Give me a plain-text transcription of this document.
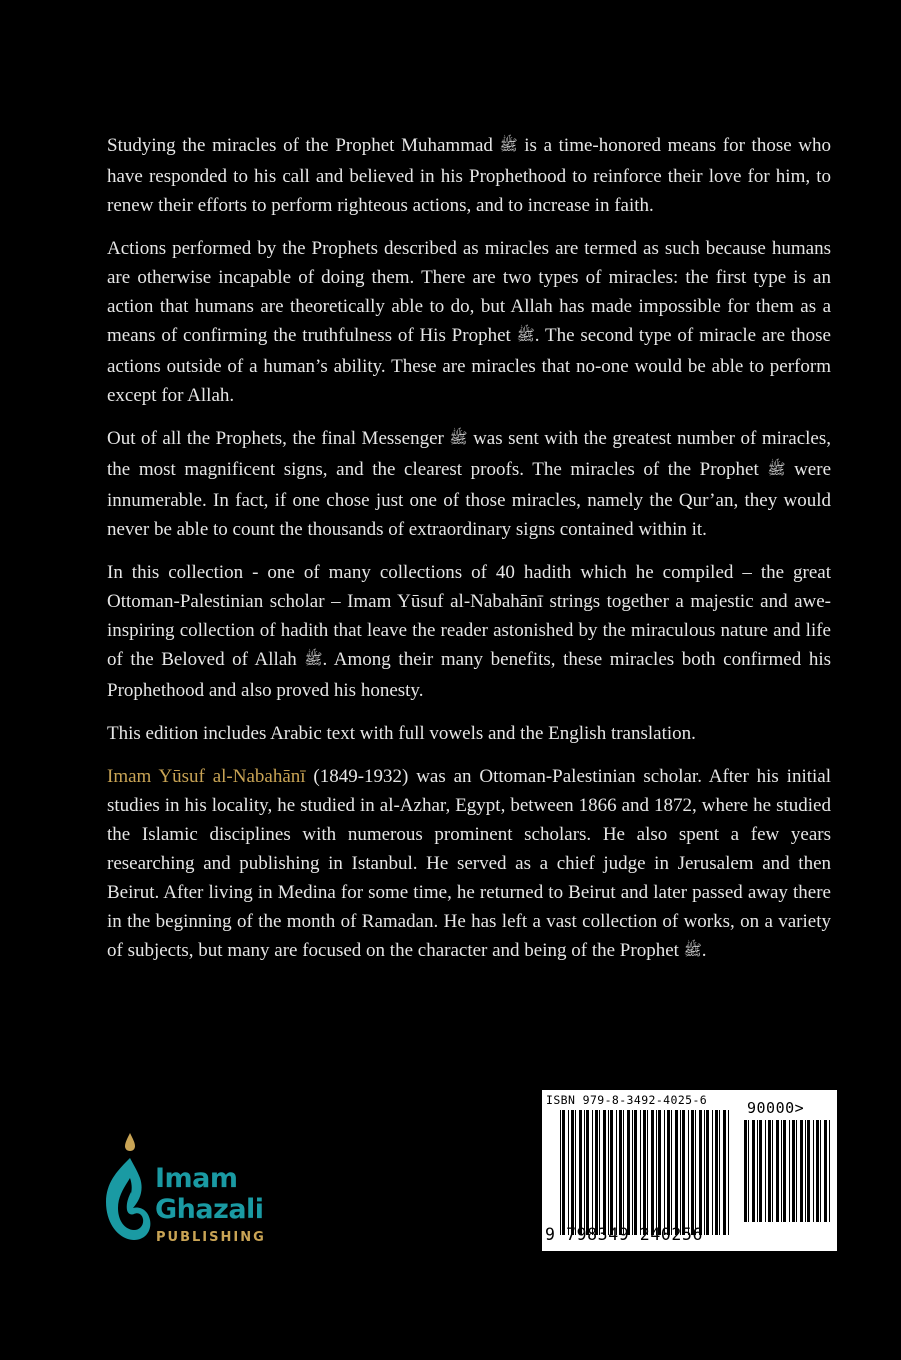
Studying the miracles of the Prophet Muhammad ﷺ is a time-honored means for those who have responded to his call and believed in his Prophethood to reinforce their love for him, to renew their efforts to perform righteous actions, and to increase in faith.

Actions performed by the Prophets described as miracles are termed as such because humans are otherwise incapable of doing them. There are two types of miracles: the first type is an action that humans are theoretically able to do, but Allah has made impossible for them as a means of confirming the truthfulness of His Prophet ﷺ. The second type of miracle are those actions outside of a human’s ability. These are miracles that no-one would be able to perform except for Allah.

Out of all the Prophets, the final Messenger ﷺ was sent with the greatest number of miracles, the most magnificent signs, and the clearest proofs. The miracles of the Prophet ﷺ were innumerable. In fact, if one chose just one of those miracles, namely the Qur’an, they would never be able to count the thousands of extraordinary signs contained within it.

In this collection - one of many collections of 40 hadith which he compiled – the great Ottoman-Palestinian scholar – Imam Yūsuf al-Nabahānī strings together a majestic and awe-inspiring collection of hadith that leave the reader astonished by the miraculous nature and life of the Beloved of Allah ﷺ. Among their many benefits, these miracles both confirmed his Prophethood and also proved his honesty.

This edition includes Arabic text with full vowels and the English translation.

Imam Yūsuf al-Nabahānī (1849-1932) was an Ottoman-Palestinian scholar. After his initial studies in his locality, he studied in al-Azhar, Egypt, between 1866 and 1872, where he studied the Islamic disciplines with numerous prominent scholars. He also spent a few years researching and publishing in Istanbul. He served as a chief judge in Jerusalem and then Beirut. After living in Medina for some time, he returned to Beirut and later passed away there in the beginning of the month of Ramadan. He has left a vast collection of works, on a variety of subjects, but many are focused on the character and being of the Prophet ﷺ.

Imam
Ghazali
PUBLISHING
ISBN 979-8-3492-4025-6	90000>
9 798349 240256
